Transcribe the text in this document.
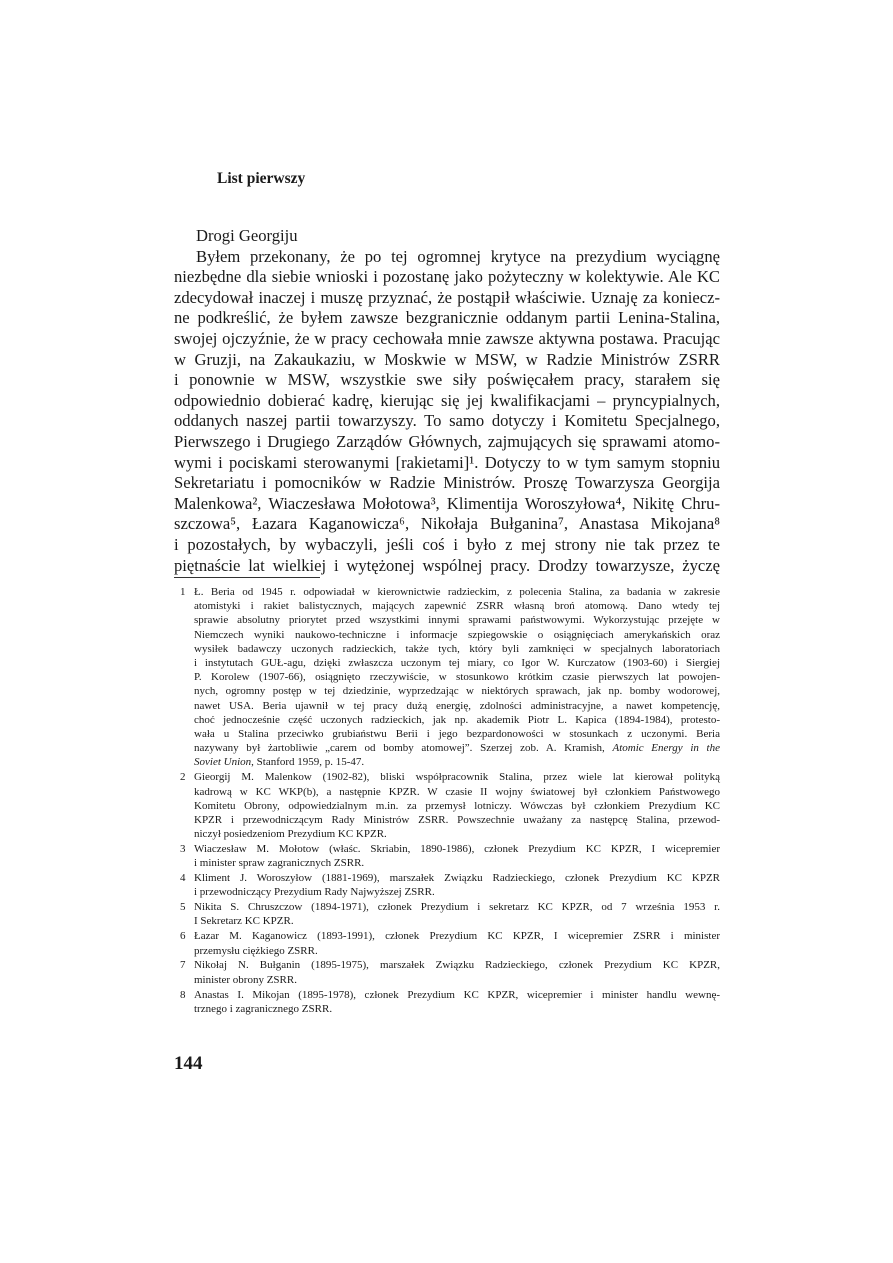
List pierwszy
Drogi Georgiju
Byłem przekonany, że po tej ogromnej krytyce na prezydium wyciągnę
niezbędne dla siebie wnioski i pozostanę jako pożyteczny w kolektywie. Ale KC
zdecydował inaczej i muszę przyznać, że postąpił właściwie. Uznaję za koniecz-
ne podkreślić, że byłem zawsze bezgranicznie oddanym partii Lenina-Stalina,
swojej ojczyźnie, że w pracy cechowała mnie zawsze aktywna postawa. Pracując
w Gruzji, na Zakaukaziu, w Moskwie w MSW, w Radzie Ministrów ZSRR
i ponownie w MSW, wszystkie swe siły poświęcałem pracy, starałem się
odpowiednio dobierać kadrę, kierując się jej kwalifikacjami – pryncypialnych,
oddanych naszej partii towarzyszy. To samo dotyczy i Komitetu Specjalnego,
Pierwszego i Drugiego Zarządów Głównych, zajmujących się sprawami atomo-
wymi i pociskami sterowanymi [rakietami]¹. Dotyczy to w tym samym stopniu
Sekretariatu i pomocników w Radzie Ministrów. Proszę Towarzysza Georgija
Malenkowa², Wiaczesława Mołotowa³, Klimentija Woroszyłowa⁴, Nikitę Chru-
szczowa⁵, Łazara Kaganowicza⁶, Nikołaja Bułganina⁷, Anastasa Mikojana⁸
i pozostałych, by wybaczyli, jeśli coś i było z mej strony nie tak przez te
piętnaście lat wielkiej i wytężonej wspólnej pracy. Drodzy towarzysze, życzę
1 Ł. Beria od 1945 r. odpowiadał w kierownictwie radzieckim, z polecenia Stalina, za badania w zakresie
atomistyki i rakiet balistycznych, mających zapewnić ZSRR własną broń atomową. Dano wtedy tej
sprawie absolutny priorytet przed wszystkimi innymi sprawami państwowymi. Wykorzystując przejęte w
Niemczech wyniki naukowo-techniczne i informacje szpiegowskie o osiągnięciach amerykańskich oraz
wysiłek badawczy uczonych radzieckich, także tych, który byli zamknięci w specjalnych laboratoriach
i instytutach GUŁ-agu, dzięki zwłaszcza uczonym tej miary, co Igor W. Kurczatow (1903-60) i Siergiej
P. Korolew (1907-66), osiągnięto rzeczywiście, w stosunkowo krótkim czasie pierwszych lat powojen-
nych, ogromny postęp w tej dziedzinie, wyprzedzając w niektórych sprawach, jak np. bomby wodorowej,
nawet USA. Beria ujawnił w tej pracy dużą energię, zdolności administracyjne, a nawet kompetencję,
choć jednocześnie część uczonych radzieckich, jak np. akademik Piotr L. Kapica (1894-1984), protesto-
wała u Stalina przeciwko grubiaństwu Berii i jego bezpardonowości w stosunkach z uczonymi. Beria
nazywany był żartobliwie „carem od bomby atomowej”. Szerzej zob. A. Kramish, Atomic Energy in the
Soviet Union, Stanford 1959, p. 15-47.
2 Gieorgij M. Malenkow (1902-82), bliski współpracownik Stalina, przez wiele lat kierował polityką
kadrową w KC WKP(b), a następnie KPZR. W czasie II wojny światowej był członkiem Państwowego
Komitetu Obrony, odpowiedzialnym m.in. za przemysł lotniczy. Wówczas był członkiem Prezydium KC
KPZR i przewodniczącym Rady Ministrów ZSRR. Powszechnie uważany za następcę Stalina, przewod-
niczył posiedzeniom Prezydium KC KPZR.
3 Wiaczesław M. Mołotow (właśc. Skriabin, 1890-1986), członek Prezydium KC KPZR, I wicepremier
i minister spraw zagranicznych ZSRR.
4 Kliment J. Woroszyłow (1881-1969), marszałek Związku Radzieckiego, członek Prezydium KC KPZR
i przewodniczący Prezydium Rady Najwyższej ZSRR.
5 Nikita S. Chruszczow (1894-1971), członek Prezydium i sekretarz KC KPZR, od 7 września 1953 r.
I Sekretarz KC KPZR.
6 Łazar M. Kaganowicz (1893-1991), członek Prezydium KC KPZR, I wicepremier ZSRR i minister
przemysłu ciężkiego ZSRR.
7 Nikołaj N. Bułganin (1895-1975), marszałek Związku Radzieckiego, członek Prezydium KC KPZR,
minister obrony ZSRR.
8 Anastas I. Mikojan (1895-1978), członek Prezydium KC KPZR, wicepremier i minister handlu wewnę-
trznego i zagranicznego ZSRR.
144
